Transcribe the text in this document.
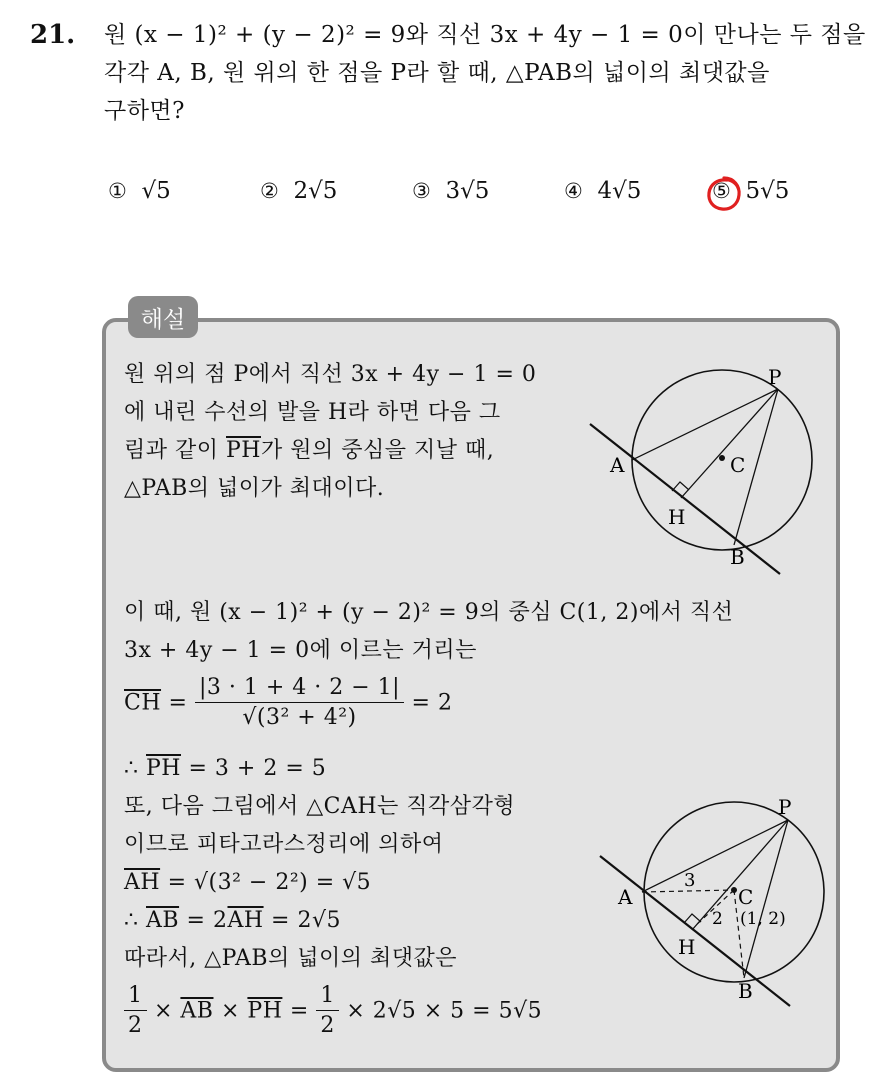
21. 원 (x − 1)² + (y − 2)² = 9와 직선 3x + 4y − 1 = 0이 만나는 두 점을
각각 A, B, 원 위의 한 점을 P라 할 때, △PAB의 넓이의 최댓값을
구하면?
① √5	② 2√5	③ 3√5	④ 4√5	⑤ 5√5
해설
원 위의 점 P에서 직선 3x + 4y − 1 = 0
에 내린 수선의 발을 H라 하면 다음 그
림과 같이 $\overline{PH}$가 원의 중심을 지날 때,
△PAB의 넓이가 최대이다.
P
A
B
C
H
이 때, 원 (x − 1)² + (y − 2)² = 9의 중심 C(1, 2)에서 직선
3x + 4y − 1 = 0에 이르는 거리는
$\overline{CH} = \frac{|3 \cdot 1 + 4 \cdot 2 - 1|}{\text{√(3² + 4²)}} = 2$
∴ $\overline{PH} = 3 + 2 = 5$
또, 다음 그림에서 △CAH는 직각삼각형
이므로 피타고라스정리에 의하여
$\overline{AH} = √(3^2 - 2^2) = √5$
∴ $\overline{AB} = 2\overline{AH} = 2√5$
따라서, △PAB의 넓이의 최댓값은
$\frac{1}{2} \times \overline{AB} \times \overline{PH} = \frac{1}{2} \times 2√5 \times 5 = 5√5$
P
A
B
C
H
3
2 (1, 2)
